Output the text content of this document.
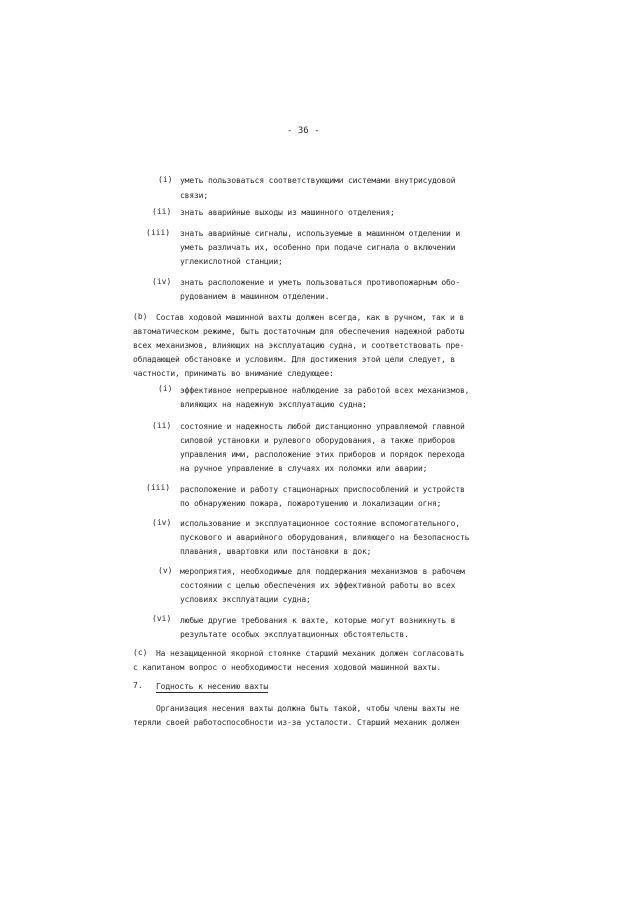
- 36 -
(i) уметь пользоваться соответствующими системами внутрисудовой
связи;
(ii) знать аварийные выходы из машинного отделения;
(iii) знать аварийные сигналы, используемые в машинном отделении и
уметь различать их, особенно при подаче сигнала о включении
углекислотной станции;
(iv) знать расположение и уметь пользоваться противопожарным обо-
рудованием в машинном отделении.
(b) Состав ходовой машинной вахты должен всегда, как в ручном, так и в
автоматическом режиме, быть достаточным для обеспечения надежной работы
всех механизмов, влияющих на эксплуатацию судна, и соответствовать пре-
обладающей обстановке и условиям. Для достижения этой цели следует, в
частности, принимать во внимание следующее:
(i) эффективное непрерывное наблюдение за работой всех механизмов,
влияющих на надежную эксплуатацию судна;
(ii) состояние и надежность любой дистанционно управляемой главной
силовой установки и рулевого оборудования, а также приборов
управления ими, расположение этих приборов и порядок перехода
на ручное управление в случаях их поломки или аварии;
(iii) расположение и работу стационарных приспособлений и устройств
по обнаружению пожара, пожаротушению и локализации огня;
(iv) использование и эксплуатационное состояние вспомогательного,
пускового и аварийного оборудования, влияющего на безопасность
плавания, швартовки или постановки в док;
(v) мероприятия, необходимые для поддержания механизмов в рабочем
состоянии с целью обеспечения их эффективной работы во всех
условиях эксплуатации судна;
(vi) любые другие требования к вахте, которые могут возникнуть в
результате особых эксплуатационных обстоятельств.
(c) На незащищенной якорной стоянке старший механик должен согласовать
с капитаном вопрос о необходимости несения ходовой машинной вахты.
7. Годность к несению вахты
Организация несения вахты должна быть такой, чтобы члены вахты не
теряли своей работоспособности из-за усталости. Старший механик должен
